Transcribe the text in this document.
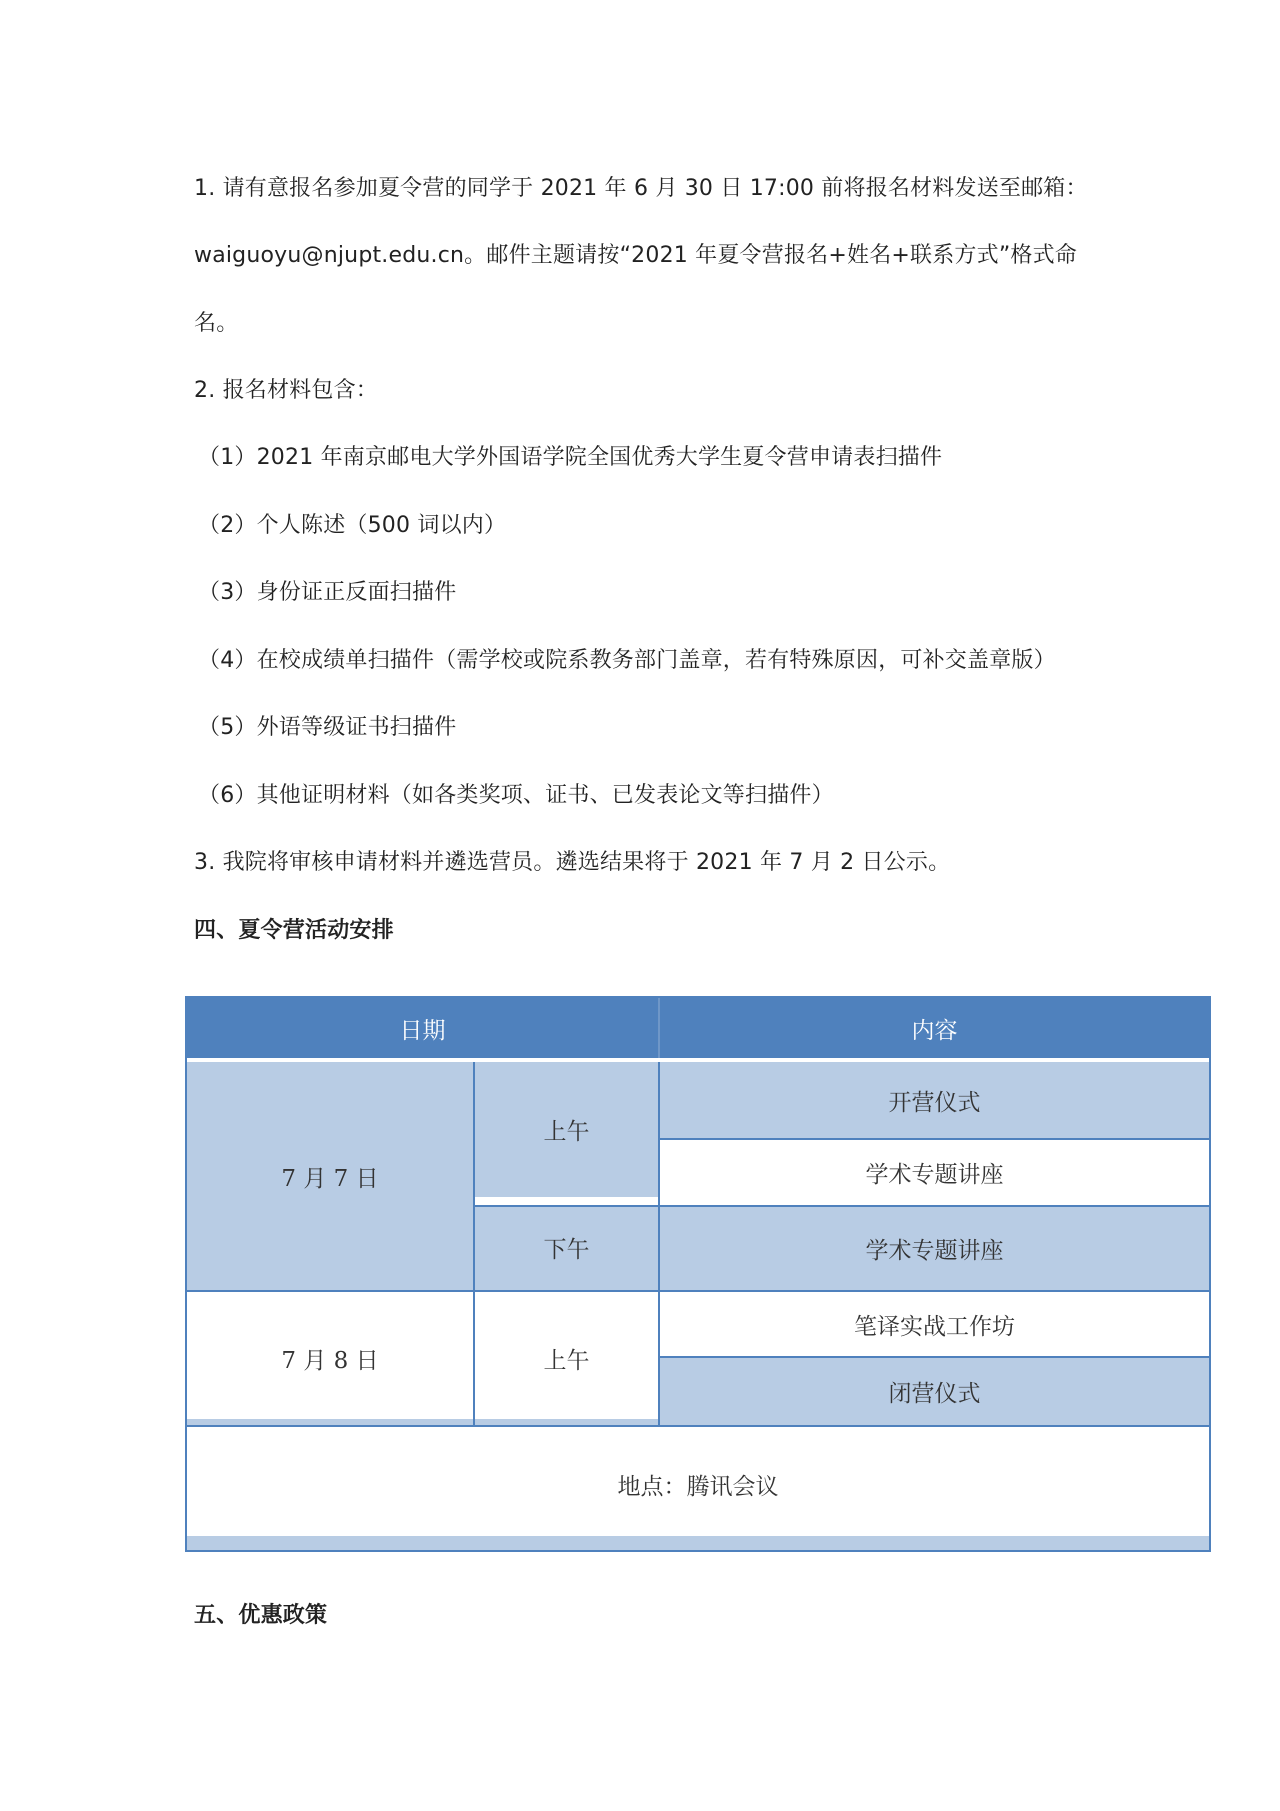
1. 请有意报名参加夏令营的同学于 2021 年 6 月 30 日 17:00 前将报名材料发送至邮箱：
waiguoyu@njupt.edu.cn。邮件主题请按“2021 年夏令营报名+姓名+联系方式”格式命
名。
2. 报名材料包含：
（1）2021 年南京邮电大学外国语学院全国优秀大学生夏令营申请表扫描件
（2）个人陈述（500 词以内）
（3）身份证正反面扫描件
（4）在校成绩单扫描件（需学校或院系教务部门盖章，若有特殊原因，可补交盖章版）
（5）外语等级证书扫描件
（6）其他证明材料（如各类奖项、证书、已发表论文等扫描件）
3. 我院将审核申请材料并遴选营员。遴选结果将于 2021 年 7 月 2 日公示。
四、夏令营活动安排
日期	内容
7 月 7 日
上午
下午
开营仪式
学术专题讲座
学术专题讲座
7 月 8 日	上午
笔译实战工作坊
闭营仪式
地点：腾讯会议
五、优惠政策
